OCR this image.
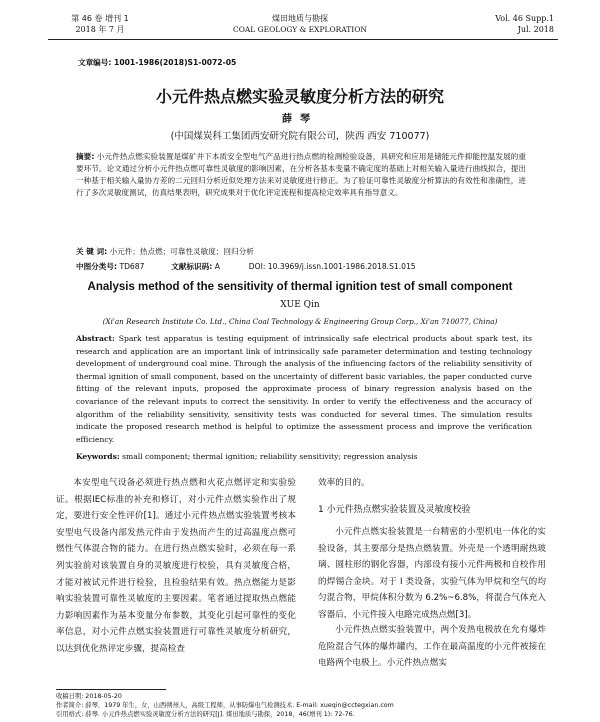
第 46 卷 增刊 1
2018 年 7 月
煤田地质与勘探
COAL GEOLOGY & EXPLORATION
Vol. 46 Supp.1
Jul. 2018
文章编号: 1001-1986(2018)S1-0072-05
小元件热点燃实验灵敏度分析方法的研究
薛琴
(中国煤炭科工集团西安研究院有限公司，陕西 西安 710077)
摘要: 小元件热点燃实验装置是煤矿井下本质安全型电气产品进行热点燃的检测检验设备，具研究和应用是储能元件抑能控温发展的重要环节。论文通过分析小元件热点燃可靠性灵敏度的影响因素，在分析各基本变量不确定度的基础上对相关输入量进行曲线拟合，提出一种基于相关输入量协方差的二元回归分析近似处理方法来对灵敏度进行修正。为了验证可靠性灵敏度分析算法的有效性和准确性，进行了多次灵敏度测试，仿真结果表明，研究成果对于优化评定流程和提高检定效率具有指导意义。
关 键 词: 小元件；热点燃；可靠性灵敏度；回归分析
中图分类号: TD687	文献标识码: A	DOI: 10.3969/j.issn.1001-1986.2018.S1.015
Analysis method of the sensitivity of thermal ignition test of small component
XUE Qin
(Xi'an Research Institute Co. Ltd., China Coal Technology & Engineering Group Corp., Xi'an 710077, China)
Abstract: Spark test apparatus is testing equipment of intrinsically safe electrical products about spark test, its research and application are an important link of intrinsically safe parameter determination and testing technology development of underground coal mine. Through the analysis of the influencing factors of the reliability sensitivity of thermal ignition of small component, based on the uncertainty of different basic variables, the paper conducted curve fitting of the relevant inputs, proposed the approximate process of binary regression analysis based on the covariance of the relevant inputs to correct the sensitivity. In order to verify the effectiveness and the accuracy of algorithm of the reliability sensitivity, sensitivity tests was conducted for several times. The simulation results indicate the proposed research method is helpful to optimize the assessment process and improve the verification efficiency.
Keywords: small component; thermal ignition; reliability sensitivity; regression analysis
本安型电气设备必须进行热点燃和火花点燃评定和实验验证。根据IEC标准的补充和修订，对小元件点燃实验作出了规定，要进行安全性评价[1]。通过小元件热点燃实验装置考核本安型电气设备内部发热元件由于发热而产生的过高温度点燃可燃性气体混合物的能力。在进行热点燃实验时，必须在每一系列实验前对该装置自身的灵敏度进行校验，具有灵敏度合格，才能对被试元件进行检验，且检验结果有效。热点燃能力是影响实验装置可靠性灵敏度的主要因素。笔者通过提取热点燃能力影响因素作为基本变量分布参数，其变化引起可靠性的变化率信息，对小元件点燃实验装置进行可靠性灵敏度分析研究，以达到优化热评定步骤，提高检查
效率的目的。
1 小元件热点燃实验装置及灵敏度校验
小元件点燃实验装置是一台精密的小型机电一体化的实验设备，其主要部分是热点燃装置。外壳是一个透明耐热玻璃、圆柱形的钢化容器，内部设有接小元件两极和自校作用的焊锡合金块。对于 I 类设备，实验气体为甲烷和空气的均匀混合物，甲烷体积分数为 6.2%~6.8%，将混合气体充入容器后，小元件接入电路完成热点燃[3]。
小元件热点燃实验装置中，两个发热电极放在允有爆炸危险混合气体的爆炸罐内，工作在最高温度的小元件被接在电路两个电极上。小元件热点燃实
收稿日期: 2018-05-20
作者简介: 薛琴，1979 年生，女，山西朔州人，高级工程师，从事防爆电气检测技术. E-mail: xueqin@cctegxian.com
引用格式: 薛琴. 小元件热点燃实验灵敏度分析方法的研究[J]. 煤田地质与勘探，2018，46(增刊 1): 72-76.
